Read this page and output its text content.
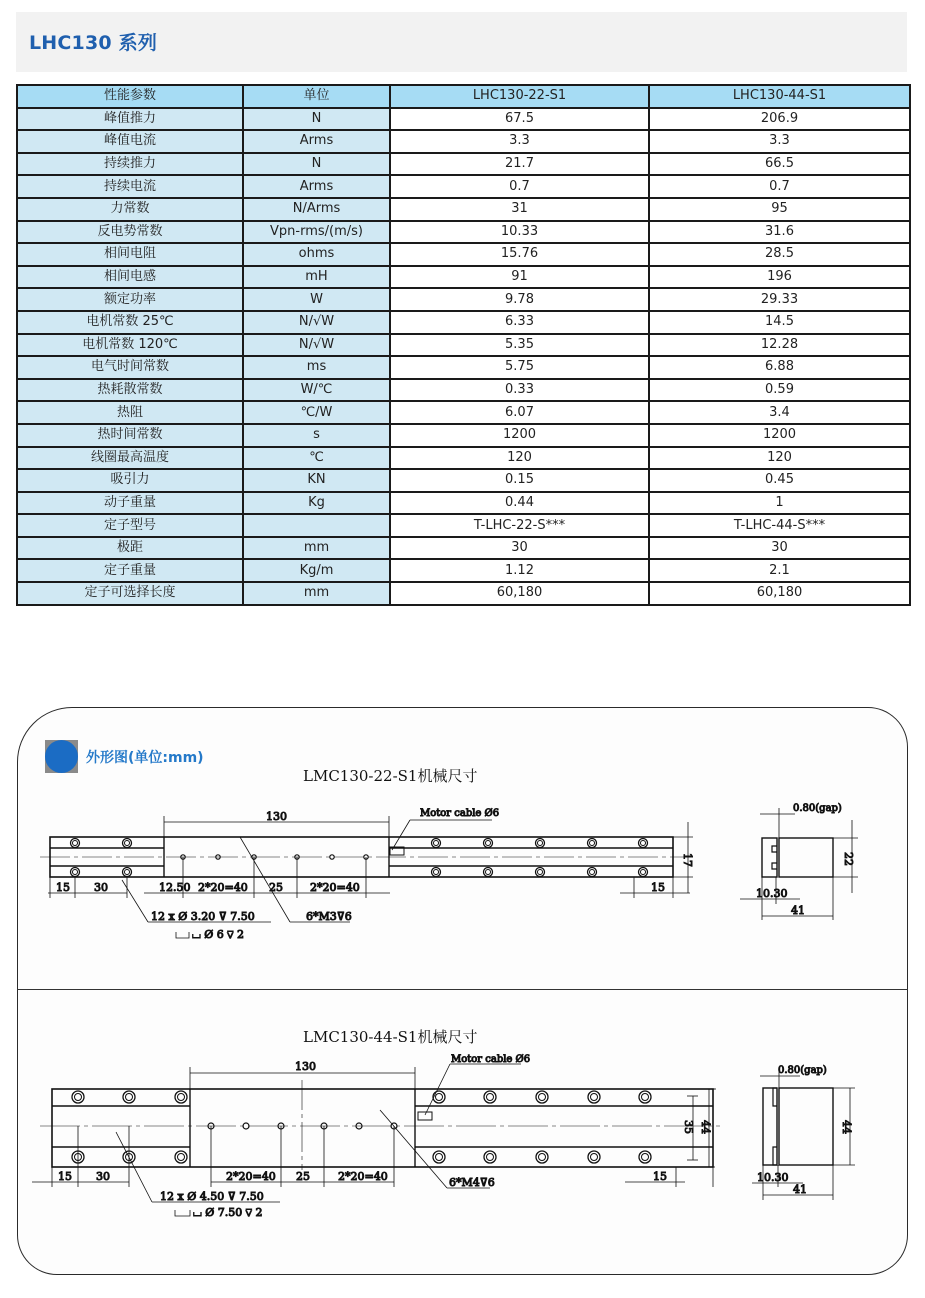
LHC130 系列
性能参数	单位	LHC130-22-S1	LHC130-44-S1
峰值推力	N	67.5	206.9
峰值电流	Arms	3.3	3.3
持续推力	N	21.7	66.5
持续电流	Arms	0.7	0.7
力常数	N/Arms	31	95
反电势常数	Vpn-rms/(m/s)	10.33	31.6
相间电阻	ohms	15.76	28.5
相间电感	mH	91	196
额定功率	W	9.78	29.33
电机常数 25℃	N/√W	6.33	14.5
电机常数 120℃	N/√W	5.35	12.28
电气时间常数	ms	5.75	6.88
热耗散常数	W/℃	0.33	0.59
热阻	℃/W	6.07	3.4
热时间常数	s	1200	1200
线圈最高温度	℃	120	120
吸引力	KN	0.15	0.45
动子重量	Kg	0.44	1
定子型号		T-LHC-22-S***	T-LHC-44-S***
极距	mm	30	30
定子重量	Kg/m	1.12	2.1
定子可选择长度	mm	60,180	60,180
外形图(单位:mm)
LMC130-22-S1机械尺寸
LMC130-44-S1机械尺寸
130	Motor cable Ø6
15 30	12.50 2*20=40 25 2*20=40	15
17
12 x Ø 3.20 ⊽ 7.50
⌴ Ø 6 ⊽ 2
6*M3⊽6
0.80(gap)
22
10.30
41
130
Motor cable Ø6
15 30	2*20=40 25	2*20=40	15
35 44
12 x Ø 4.50 ⊽ 7.50
⌴ Ø 7.50 ⊽ 2
6*M4⊽6
0.80(gap)
44
10.30
41
